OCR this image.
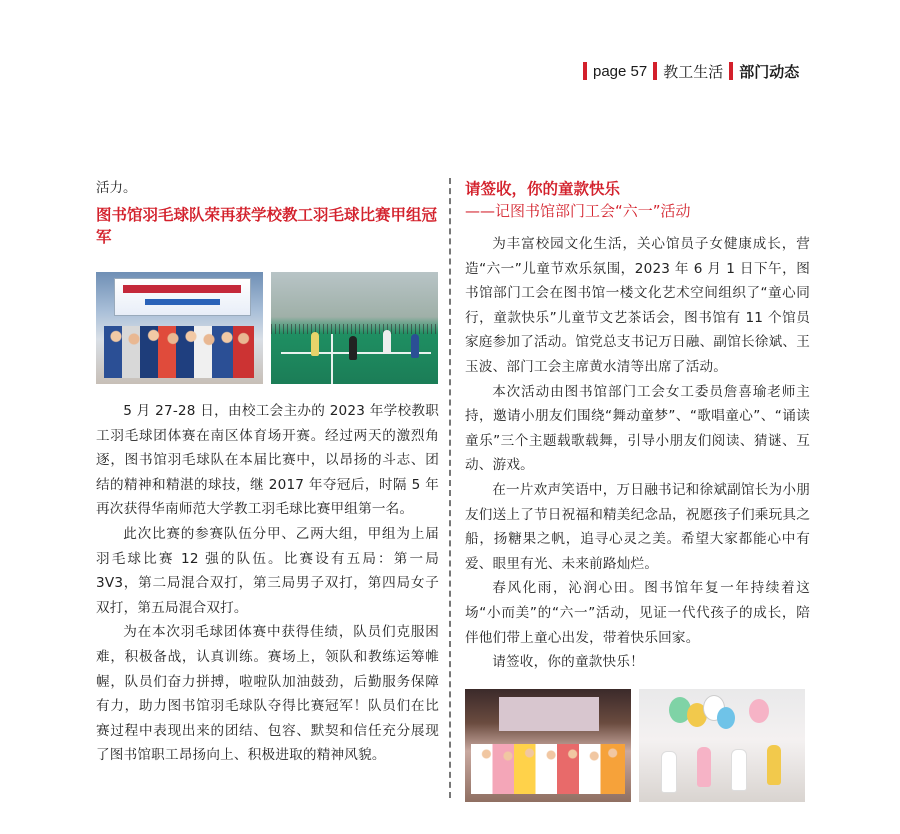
page 57 教工生活 部门动态

活力。

图书馆羽毛球队荣再获学校教工羽毛球比赛甲组冠军

5 月 27-28 日，由校工会主办的 2023 年学校教职工羽毛球团体赛在南区体育场开赛。经过两天的激烈角逐，图书馆羽毛球队在本届比赛中，以昂扬的斗志、团结的精神和精湛的球技，继 2017 年夺冠后，时隔 5 年再次获得华南师范大学教工羽毛球比赛甲组第一名。

此次比赛的参赛队伍分甲、乙两大组，甲组为上届羽毛球比赛 12 强的队伍。比赛设有五局：第一局 3V3，第二局混合双打，第三局男子双打，第四局女子双打，第五局混合双打。

为在本次羽毛球团体赛中获得佳绩，队员们克服困难，积极备战，认真训练。赛场上，领队和教练运筹帷幄，队员们奋力拼搏，啦啦队加油鼓劲，后勤服务保障有力，助力图书馆羽毛球队夺得比赛冠军！队员们在比赛过程中表现出来的团结、包容、默契和信任充分展现了图书馆职工昂扬向上、积极进取的精神风貌。

请签收，你的童款快乐

——记图书馆部门工会“六一”活动

为丰富校园文化生活，关心馆员子女健康成长，营造“六一”儿童节欢乐氛围，2023 年 6 月 1 日下午，图书馆部门工会在图书馆一楼文化艺术空间组织了“童心同行，童款快乐”儿童节文艺茶话会，图书馆有 11 个馆员家庭参加了活动。馆党总支书记万日融、副馆长徐斌、王玉波、部门工会主席黄水清等出席了活动。

本次活动由图书馆部门工会女工委员詹喜瑜老师主持，邀请小朋友们围绕“舞动童梦”、“歌唱童心”、“诵读童乐”三个主题载歌载舞，引导小朋友们阅读、猜谜、互动、游戏。

在一片欢声笑语中，万日融书记和徐斌副馆长为小朋友们送上了节日祝福和精美纪念品，祝愿孩子们乘玩具之船，扬糖果之帆，追寻心灵之美。希望大家都能心中有爱、眼里有光、未来前路灿烂。

春风化雨，沁润心田。图书馆年复一年持续着这场“小而美”的“六一”活动，见证一代代孩子的成长，陪伴他们带上童心出发，带着快乐回家。

请签收，你的童款快乐！
